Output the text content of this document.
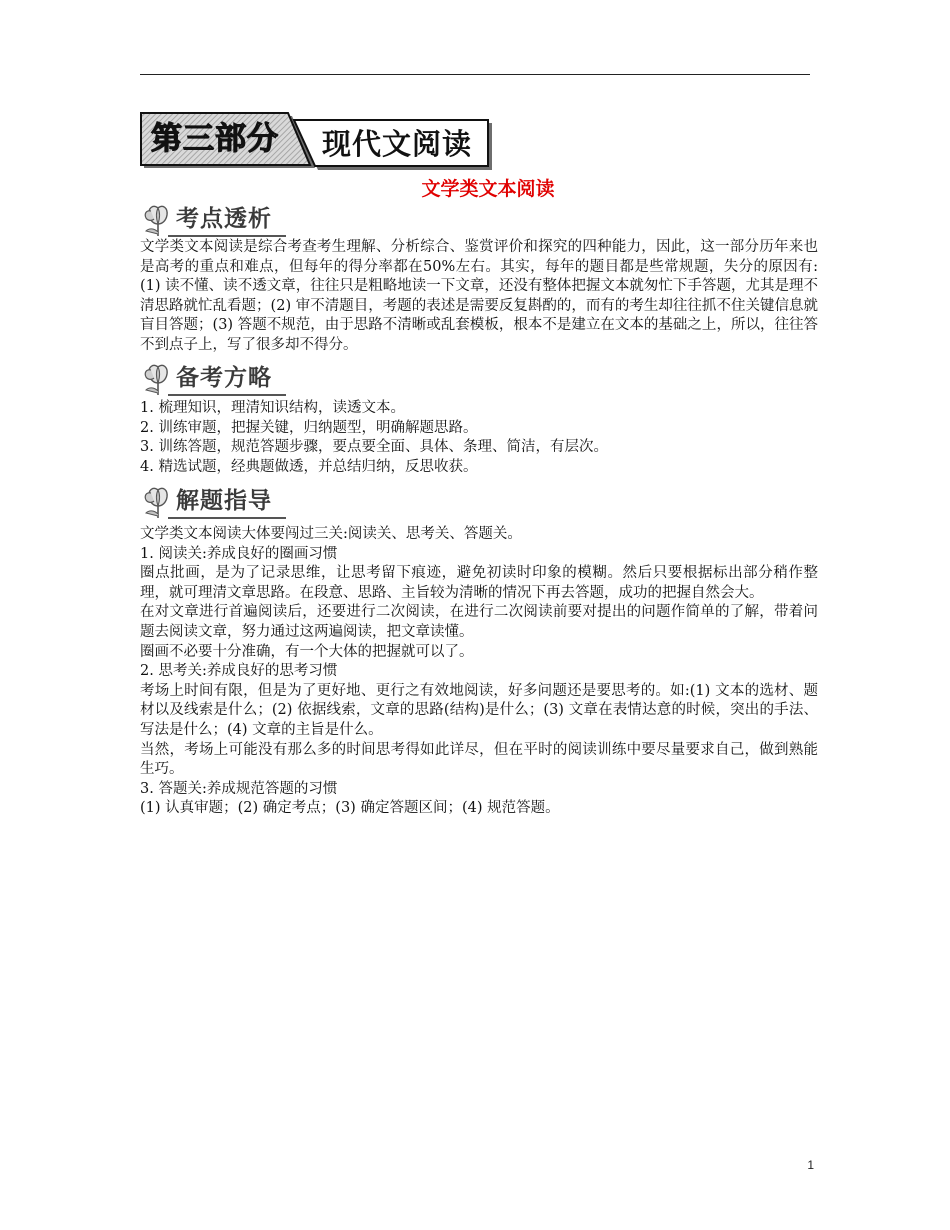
第三部分	现代文阅读
文学类文本阅读
考点透析

文学类文本阅读是综合考查考生理解、分析综合、鉴赏评价和探究的四种能力，因此，这一部分历年来也是高考的重点和难点，但每年的得分率都在50%左右。其实，每年的题目都是些常规题，失分的原因有:(1) 读不懂、读不透文章，往往只是粗略地读一下文章，还没有整体把握文本就匆忙下手答题，尤其是理不清思路就忙乱看题；(2) 审不清题目，考题的表述是需要反复斟酌的，而有的考生却往往抓不住关键信息就盲目答题；(3) 答题不规范，由于思路不清晰或乱套模板，根本不是建立在文本的基础之上，所以，往往答不到点子上，写了很多却不得分。

备考方略

1. 梳理知识，理清知识结构，读透文本。

2. 训练审题，把握关键，归纳题型，明确解题思路。

3. 训练答题，规范答题步骤，要点要全面、具体、条理、简洁，有层次。

4. 精选试题，经典题做透，并总结归纳，反思收获。

解题指导

文学类文本阅读大体要闯过三关:阅读关、思考关、答题关。

1. 阅读关:养成良好的圈画习惯

圈点批画，是为了记录思维，让思考留下痕迹，避免初读时印象的模糊。然后只要根据标出部分稍作整理，就可理清文章思路。在段意、思路、主旨较为清晰的情况下再去答题，成功的把握自然会大。

在对文章进行首遍阅读后，还要进行二次阅读，在进行二次阅读前要对提出的问题作简单的了解，带着问题去阅读文章，努力通过这两遍阅读，把文章读懂。

圈画不必要十分准确，有一个大体的把握就可以了。

2. 思考关:养成良好的思考习惯

考场上时间有限，但是为了更好地、更行之有效地阅读，好多问题还是要思考的。如:(1) 文本的选材、题材以及线索是什么；(2) 依据线索，文章的思路(结构)是什么；(3) 文章在表情达意的时候，突出的手法、写法是什么；(4) 文章的主旨是什么。

当然，考场上可能没有那么多的时间思考得如此详尽，但在平时的阅读训练中要尽量要求自己，做到熟能生巧。

3. 答题关:养成规范答题的习惯

(1) 认真审题；(2) 确定考点；(3) 确定答题区间；(4) 规范答题。

1
